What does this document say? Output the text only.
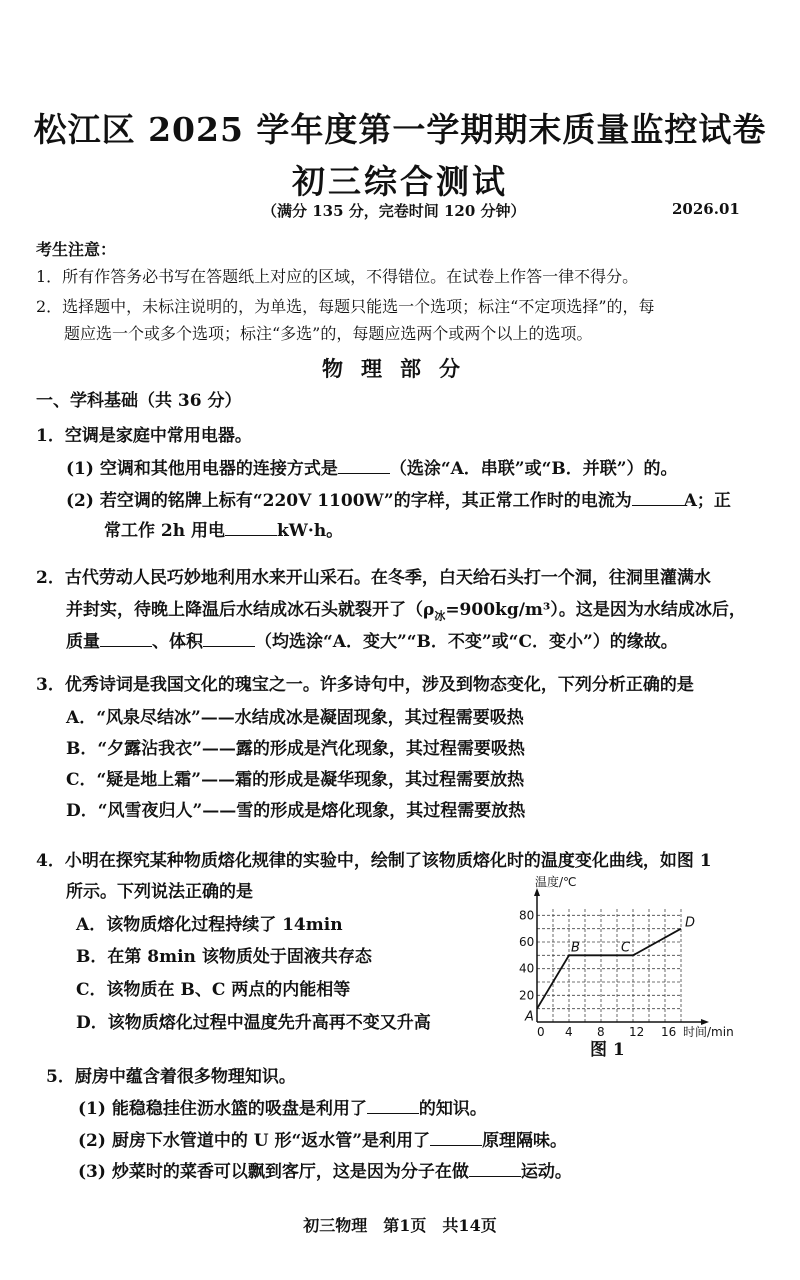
松江区 2025 学年度第一学期期末质量监控试卷
初三综合测试
（满分 135 分，完卷时间 120 分钟）	2026.01
考生注意：
1．所有作答务必书写在答题纸上对应的区域，不得错位。在试卷上作答一律不得分。
2．选择题中，未标注说明的，为单选，每题只能选一个选项；标注“不定项选择”的，每
题应选一个或多个选项；标注“多选”的，每题应选两个或两个以上的选项。
物理部分
一、学科基础（共 36 分）
1．空调是家庭中常用电器。
(1) 空调和其他用电器的连接方式是	（选涂“A．串联”或“B．并联”）的。
(2) 若空调的铭牌上标有“220V 1100W”的字样，其正常工作时的电流为	A；正
常工作 2h 用电	kW·h。
2．古代劳动人民巧妙地利用水来开山采石。在冬季，白天给石头打一个洞，往洞里灌满水
并封实，待晚上降温后水结成冰石头就裂开了$(\rho_冰=900kg/m^3)$。这是因为水结成冰后，
质量	、体积	（均选涂“A．变大”“B．不变”或“C．变小”）的缘故。
3．优秀诗词是我国文化的瑰宝之一。许多诗句中，涉及到物态变化，下列分析正确的是
A．“风泉尽结冰”——水结成冰是凝固现象，其过程需要吸热
B．“夕露沾我衣”——露的形成是汽化现象，其过程需要吸热
C．“疑是地上霜”——霜的形成是凝华现象，其过程需要放热
D．“风雪夜归人”——雪的形成是熔化现象，其过程需要放热
4．小明在探究某种物质熔化规律的实验中，绘制了该物质熔化时的温度变化曲线，如图 1
所示。下列说法正确的是
A．该物质熔化过程持续了 14min
B．在第 8min 该物质处于固液共存态
C．该物质在 B、C 两点的内能相等
D．该物质熔化过程中温度先升高再不变又升高
温度/℃
时间/min
0 4 8 12 16
20
40
60
80
A
B	C
D
图 1
5．厨房中蕴含着很多物理知识。
(1) 能稳稳挂住沥水篮的吸盘是利用了	的知识。
(2) 厨房下水管道中的 U 形“返水管”是利用了	原理隔味。
(3) 炒菜时的菜香可以飘到客厅，这是因为分子在做	运动。
初三物理　第1页　共14页
